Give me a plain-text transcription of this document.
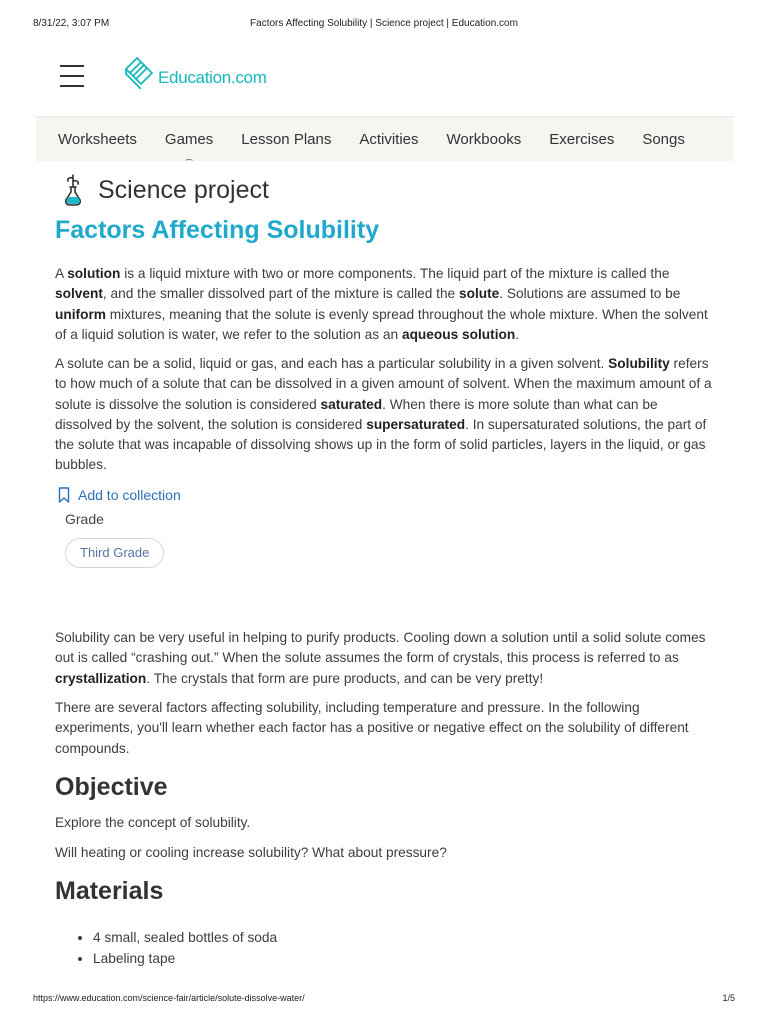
8/31/22, 3:07 PM	Factors Affecting Solubility | Science project | Education.com
Education.com
Worksheets Games Lesson Plans Activities Workbooks Exercises Songs
Science project
Factors Affecting Solubility

A solution is a liquid mixture with two or more components. The liquid part of the mixture is called the solvent, and the smaller dissolved part of the mixture is called the solute. Solutions are assumed to be uniform mixtures, meaning that the solute is evenly spread throughout the whole mixture. When the solvent of a liquid solution is water, we refer to the solution as an aqueous solution.

A solute can be a solid, liquid or gas, and each has a particular solubility in a given solvent. Solubility refers to how much of a solute that can be dissolved in a given amount of solvent. When the maximum amount of a solute is dissolve the solution is considered saturated. When there is more solute than what can be dissolved by the solvent, the solution is considered supersaturated. In supersaturated solutions, the part of the solute that was incapable of dissolving shows up in the form of solid particles, layers in the liquid, or gas bubbles.

Add to collection
Grade
Third Grade

Solubility can be very useful in helping to purify products. Cooling down a solution until a solid solute comes out is called “crashing out.” When the solute assumes the form of crystals, this process is referred to as crystallization. The crystals that form are pure products, and can be very pretty!

There are several factors affecting solubility, including temperature and pressure. In the following experiments, you'll learn whether each factor has a positive or negative effect on the solubility of different compounds.

Objective
Explore the concept of solubility.
Will heating or cooling increase solubility? What about pressure?
Materials
• 4 small, sealed bottles of soda
• Labeling tape
https://www.education.com/science-fair/article/solute-dissolve-water/	1/5
